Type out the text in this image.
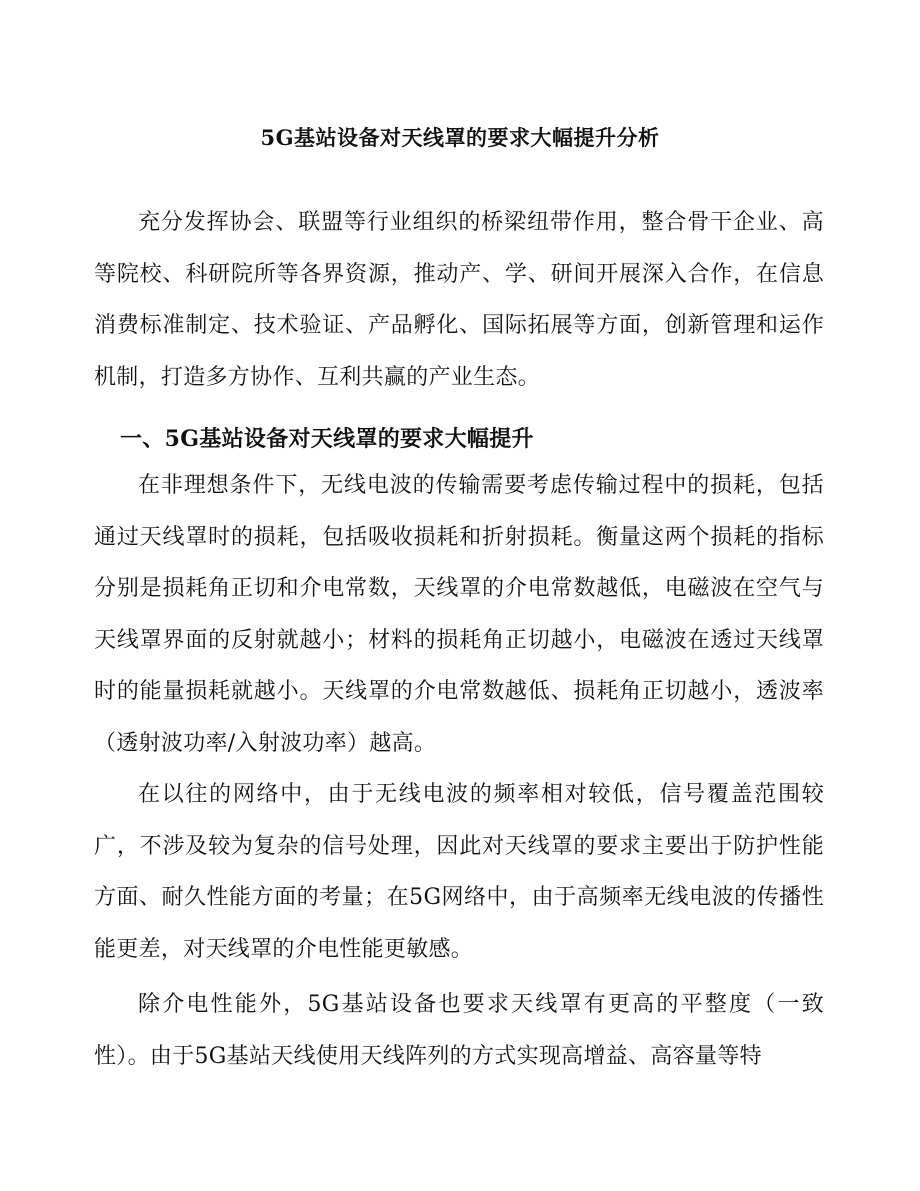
5G基站设备对天线罩的要求大幅提升分析

充分发挥协会、联盟等行业组织的桥梁纽带作用，整合骨干企业、高等院校、科研院所等各界资源，推动产、学、研间开展深入合作，在信息消费标准制定、技术验证、产品孵化、国际拓展等方面，创新管理和运作机制，打造多方协作、互利共赢的产业生态。

一、5G基站设备对天线罩的要求大幅提升

在非理想条件下，无线电波的传输需要考虑传输过程中的损耗，包括通过天线罩时的损耗，包括吸收损耗和折射损耗。衡量这两个损耗的指标分别是损耗角正切和介电常数，天线罩的介电常数越低，电磁波在空气与天线罩界面的反射就越小；材料的损耗角正切越小，电磁波在透过天线罩时的能量损耗就越小。天线罩的介电常数越低、损耗角正切越小，透波率（透射波功率/入射波功率）越高。

在以往的网络中，由于无线电波的频率相对较低，信号覆盖范围较广，不涉及较为复杂的信号处理，因此对天线罩的要求主要出于防护性能方面、耐久性能方面的考量；在5G网络中，由于高频率无线电波的传播性能更差，对天线罩的介电性能更敏感。

除介电性能外，5G基站设备也要求天线罩有更高的平整度（一致性）。由于5G基站天线使用天线阵列的方式实现高增益、高容量等特
